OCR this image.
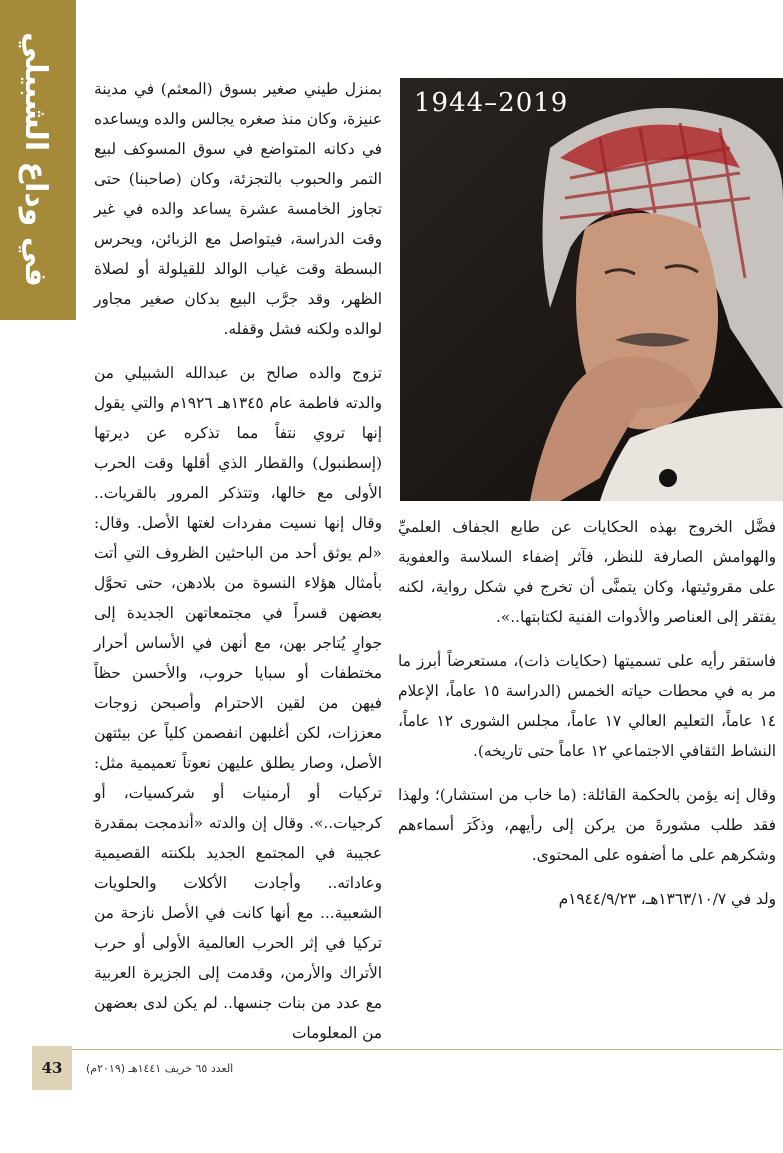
في وداع الشبيلي	1944–2019

بمنزل طيني صغير بسوق (المعثم) في مدينة عنيزة، وكان منذ صغره يجالس والده ويساعده في دكانه المتواضع في سوق المسوكف لبيع التمر والحبوب بالتجزئة، وكان (صاحبنا) حتى تجاوز الخامسة عشرة يساعد والده في غير وقت الدراسة، فيتواصل مع الزبائن، ويحرس البسطة وقت غياب الوالد للقيلولة أو لصلاة الظهر، وقد جرَّب البيع بدكان صغير مجاور لوالده ولكنه فشل وقفله.

تزوج والده صالح بن عبدالله الشبيلي من والدته فاطمة عام ١٣٤٥هـ ١٩٢٦م والتي يقول إنها تروي نتفاً مما تذكره عن ديرتها (إسطنبول) والقطار الذي أقلها وقت الحرب الأولى مع خالها، وتتذكر المرور بالقريات.. وقال إنها نسيت مفردات لغتها الأصل. وقال: «لم يوثق أحد من الباحثين الظروف التي أتت بأمثال هؤلاء النسوة من بلادهن، حتى تحوَّل بعضهن قسراً في مجتمعاتهن الجديدة إلى جوارٍ يُتاجر بهن، مع أنهن في الأساس أحرار مختطفات أو سبايا حروب، والأحسن حظاً فيهن من لقين الاحترام وأصبحن زوجات معززات، لكن أغلبهن انفصمن كلياً عن بيئتهن الأصل، وصار يطلق عليهن نعوتاً تعميمية مثل: تركيات أو أرمنيات أو شركسيات، أو كرجيات..». وقال إن والدته «أندمجت بمقدرة عجيبة في المجتمع الجديد بلكنته القصيمية وعاداته.. وأجادت الأكلات والحلويات الشعبية... مع أنها كانت في الأصل نازحة من تركيا في إثر الحرب العالمية الأولى أو حرب الأتراك والأرمن، وقدمت إلى الجزيرة العربية مع عدد من بنات جنسها.. لم يكن لدى بعضهن من المعلومات

فضَّل الخروج بهذه الحكايات عن طابع الجفاف العلميِّ والهوامش الصارفة للنظر، فآثر إضفاء السلاسة والعفوية على مقروئيتها، وكان يتمنَّى أن تخرج في شكل رواية، لكنه يفتقر إلى العناصر والأدوات الفنية لكتابتها..».

فاستقر رأيه على تسميتها (حكايات ذات)، مستعرضاً أبرز ما مر به في محطات حياته الخمس (الدراسة ١٥ عاماً، الإعلام ١٤ عاماً، التعليم العالي ١٧ عاماً، مجلس الشورى ١٢ عاماً، النشاط الثقافي الاجتماعي ١٢ عاماً حتى تاريخه).

وقال إنه يؤمن بالحكمة القائلة: (ما خاب من استشار)؛ ولهذا فقد طلب مشورةَ من يركن إلى رأيهم، وذكَرَ أسماءهم وشكرهم على ما أضفوه على المحتوى.

ولد في ١٣٦٣/١٠/٧هـ، ١٩٤٤/٩/٢٣م

43	العدد ٦٥ خريف ١٤٤١هـ (٢٠١٩م)
